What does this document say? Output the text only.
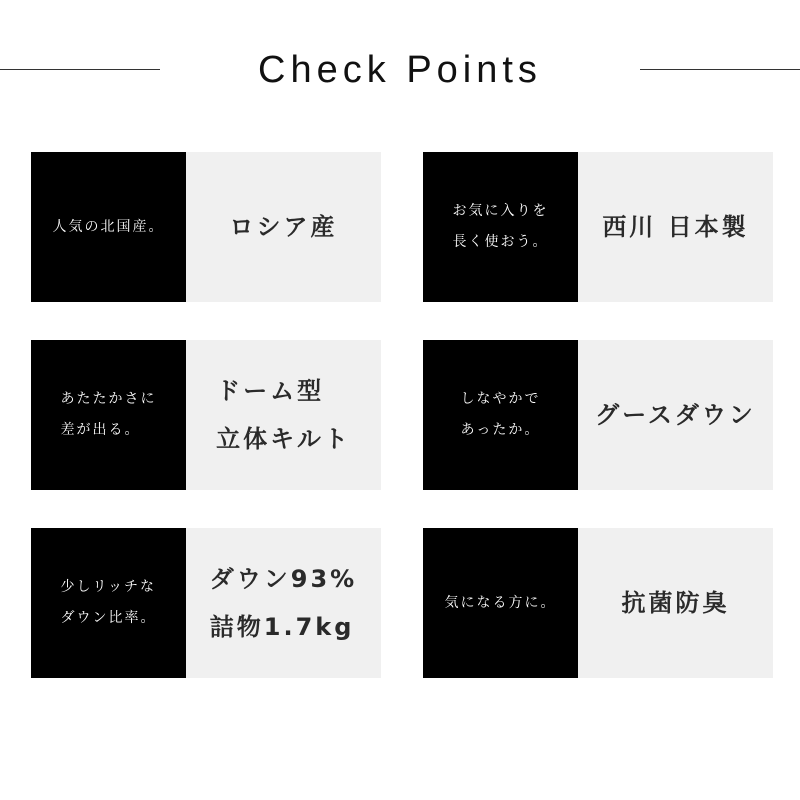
Check Points
人気の北国産。	ロシア産
お気に入りを
長く使おう。
西川 日本製
あたたかさに
差が出る。
ドーム型
立体キルト
しなやかで
あったか。
グースダウン
少しリッチな
ダウン比率。
ダウン93%
詰物1.7kg
気になる方に。	抗菌防臭
